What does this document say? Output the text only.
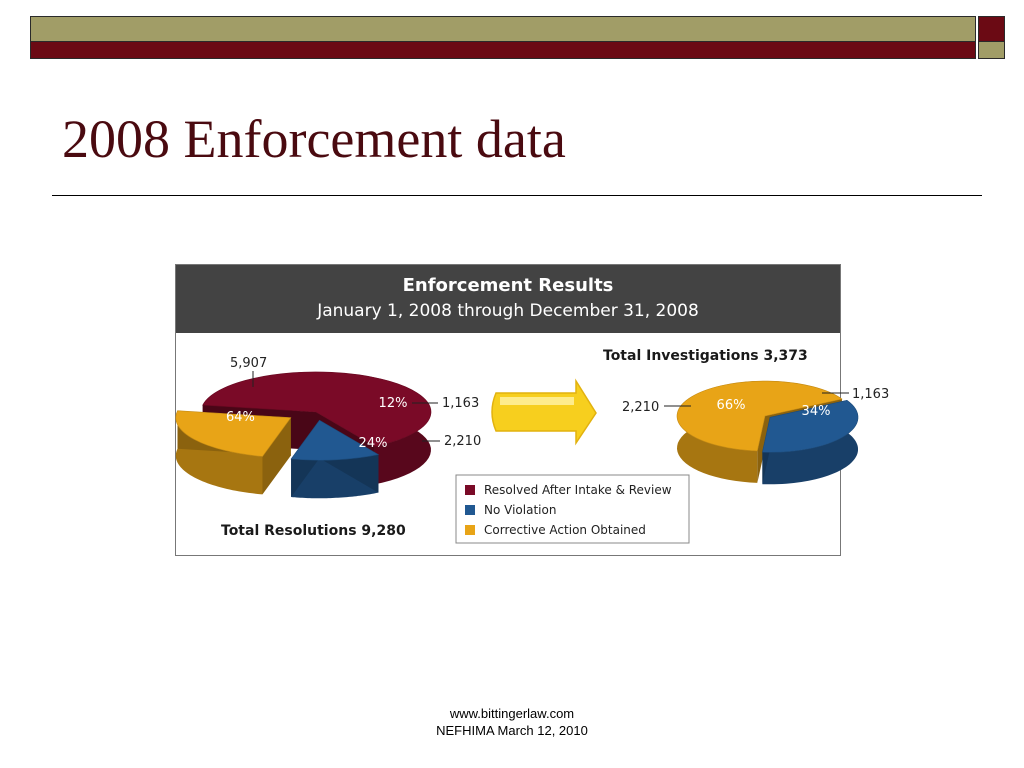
2008 Enforcement data
Enforcement Results
January 1, 2008 through December 31, 2008
64%
12%
24%
5,907
1,163
2,210
Total Resolutions 9,280
Total Investigations 3,373
66%	34%
2,210
1,163
Resolved After Intake & Review
No Violation
Corrective Action Obtained
www.bittingerlaw.com
NEFHIMA March 12, 2010
